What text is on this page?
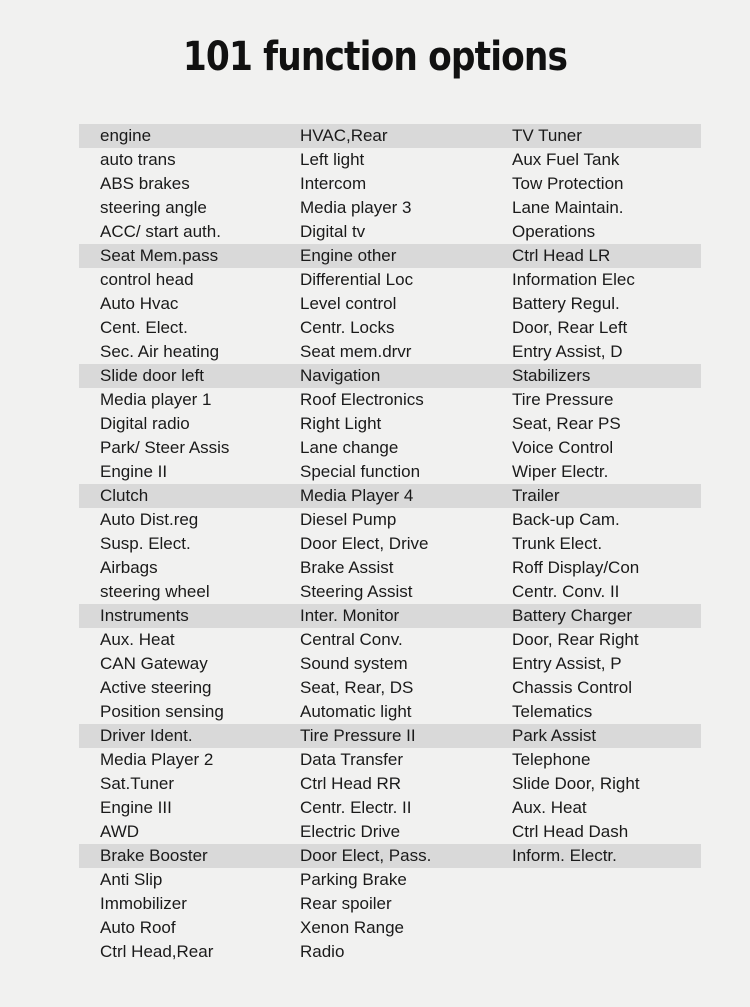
101 function options
engine	HVAC,Rear	TV Tuner
auto trans	Left light	Aux Fuel Tank
ABS brakes	Intercom	Tow Protection
steering angle	Media player 3	Lane Maintain.
ACC/ start auth.	Digital tv	Operations
Seat Mem.pass	Engine other	Ctrl Head LR
control head	Differential Loc	Information Elec
Auto Hvac	Level control	Battery Regul.
Cent. Elect.	Centr. Locks	Door, Rear Left
Sec. Air heating	Seat mem.drvr	Entry Assist, D
Slide door left	Navigation	Stabilizers
Media player 1	Roof Electronics	Tire Pressure
Digital radio	Right Light	Seat, Rear PS
Park/ Steer Assis	Lane change	Voice Control
Engine II	Special function	Wiper Electr.
Clutch	Media Player 4	Trailer
Auto Dist.reg	Diesel Pump	Back-up Cam.
Susp. Elect.	Door Elect, Drive	Trunk Elect.
Airbags	Brake Assist	Roff Display/Con
steering wheel	Steering Assist	Centr. Conv. II
Instruments	Inter. Monitor	Battery Charger
Aux. Heat	Central Conv.	Door, Rear Right
CAN Gateway	Sound system	Entry Assist, P
Active steering	Seat, Rear, DS	Chassis Control
Position sensing	Automatic light	Telematics
Driver Ident.	Tire Pressure II	Park Assist
Media Player 2	Data Transfer	Telephone
Sat.Tuner	Ctrl Head RR	Slide Door, Right
Engine III	Centr. Electr. II	Aux. Heat
AWD	Electric Drive	Ctrl Head Dash
Brake Booster	Door Elect, Pass.	Inform. Electr.
Anti Slip	Parking Brake
Immobilizer	Rear spoiler
Auto Roof	Xenon Range
Ctrl Head,Rear	Radio
